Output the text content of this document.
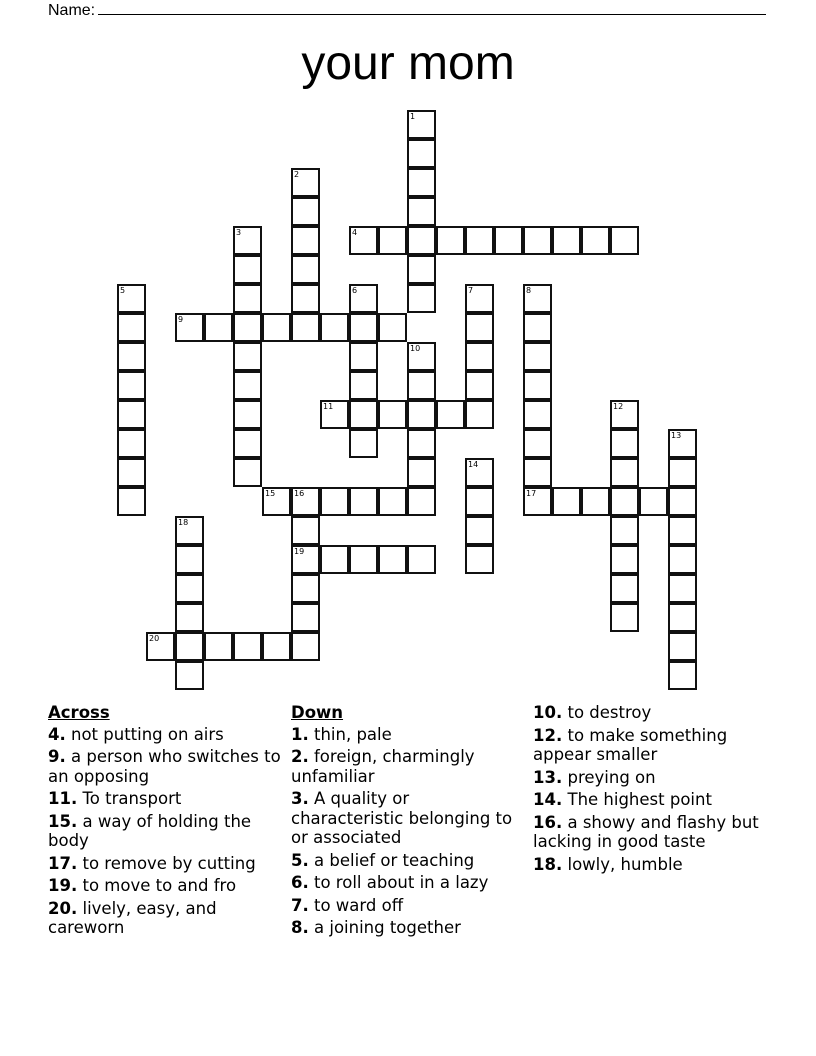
Name:
your mom
1
2
3	4
5	6	7	8
17
9
10
11	12
13
14
15 16
19
18
20
Across
4. not putting on airs
9. a person who switches to an opposing
11. To transport
15. a way of holding the body
17. to remove by cutting
19. to move to and fro
20. lively, easy, and careworn
Down
1. thin, pale
2. foreign, charmingly unfamiliar
3. A quality or characteristic belonging to or associated
5. a belief or teaching
6. to roll about in a lazy
7. to ward off
8. a joining together
10. to destroy
12. to make something appear smaller
13. preying on
14. The highest point
16. a showy and flashy but lacking in good taste
18. lowly, humble
